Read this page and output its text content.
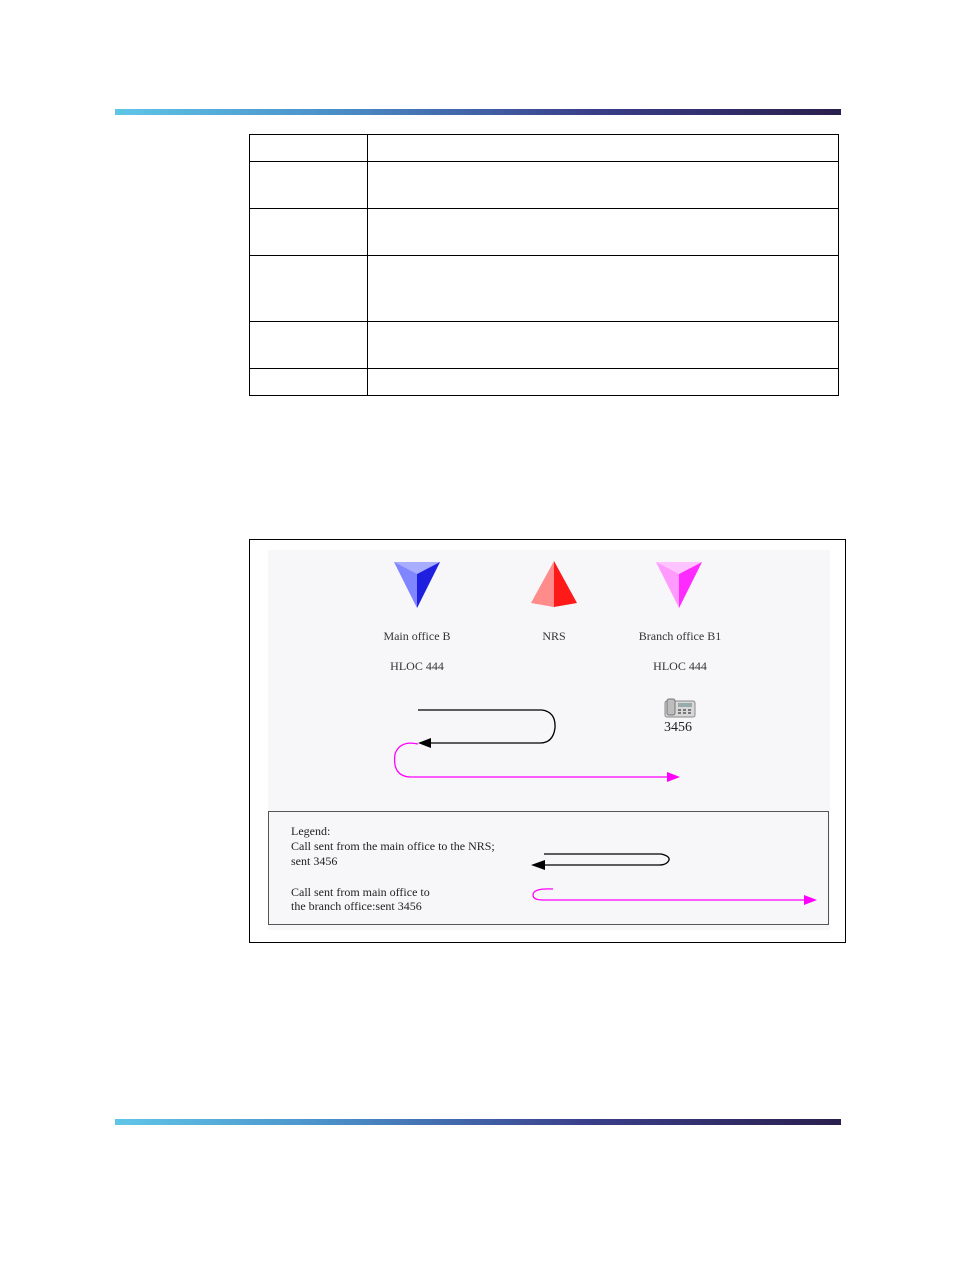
Main office B

HLOC 444

NRS	Branch office B1

HLOC 444

3456
Legend:
Call sent from the main office to the NRS;
sent 3456
Call sent from main office to
the branch office:sent 3456
